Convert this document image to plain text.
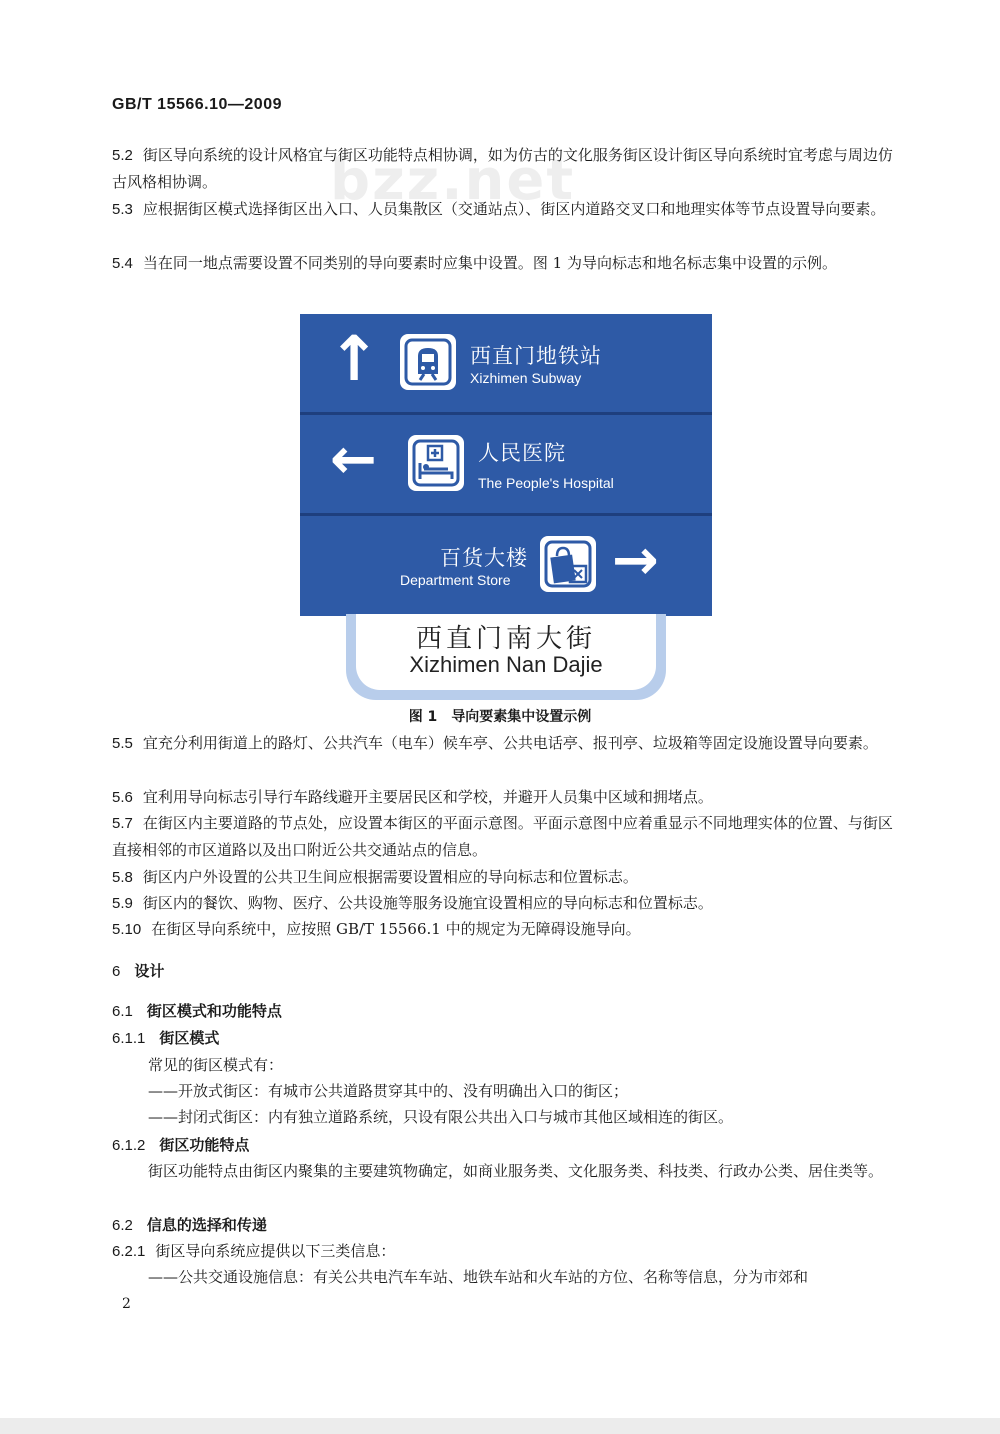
GB/T 15566.10—2009
bzz.net
5.2 街区导向系统的设计风格宜与街区功能特点相协调，如为仿古的文化服务街区设计街区导向系统时宜考虑与周边仿古风格相协调。
5.3 应根据街区模式选择街区出入口、人员集散区（交通站点）、街区内道路交叉口和地理实体等节点设置导向要素。
5.4 当在同一地点需要设置不同类别的导向要素时应集中设置。图 1 为导向标志和地名标志集中设置的示例。
↑	西直门地铁站
Xizhimen Subway
←	人民医院
The People's Hospital
百货大楼
Department Store →
西直门南大街
Xizhimen Nan Dajie
图 1 导向要素集中设置示例
5.5 宜充分利用街道上的路灯、公共汽车（电车）候车亭、公共电话亭、报刊亭、垃圾箱等固定设施设置导向要素。
5.6 宜利用导向标志引导行车路线避开主要居民区和学校，并避开人员集中区域和拥堵点。
5.7 在街区内主要道路的节点处，应设置本街区的平面示意图。平面示意图中应着重显示不同地理实体的位置、与街区直接相邻的市区道路以及出口附近公共交通站点的信息。
5.8 街区内户外设置的公共卫生间应根据需要设置相应的导向标志和位置标志。
5.9 街区内的餐饮、购物、医疗、公共设施等服务设施宜设置相应的导向标志和位置标志。
5.10 在街区导向系统中，应按照 GB/T 15566.1 中的规定为无障碍设施导向。
6 设计
6.1 街区模式和功能特点
6.1.1 街区模式
常见的街区模式有：
——开放式街区：有城市公共道路贯穿其中的、没有明确出入口的街区；
——封闭式街区：内有独立道路系统，只设有限公共出入口与城市其他区域相连的街区。
6.1.2 街区功能特点
街区功能特点由街区内聚集的主要建筑物确定，如商业服务类、文化服务类、科技类、行政办公类、居住类等。
6.2 信息的选择和传递
6.2.1 街区导向系统应提供以下三类信息：
——公共交通设施信息：有关公共电汽车车站、地铁车站和火车站的方位、名称等信息，分为市郊和
2
